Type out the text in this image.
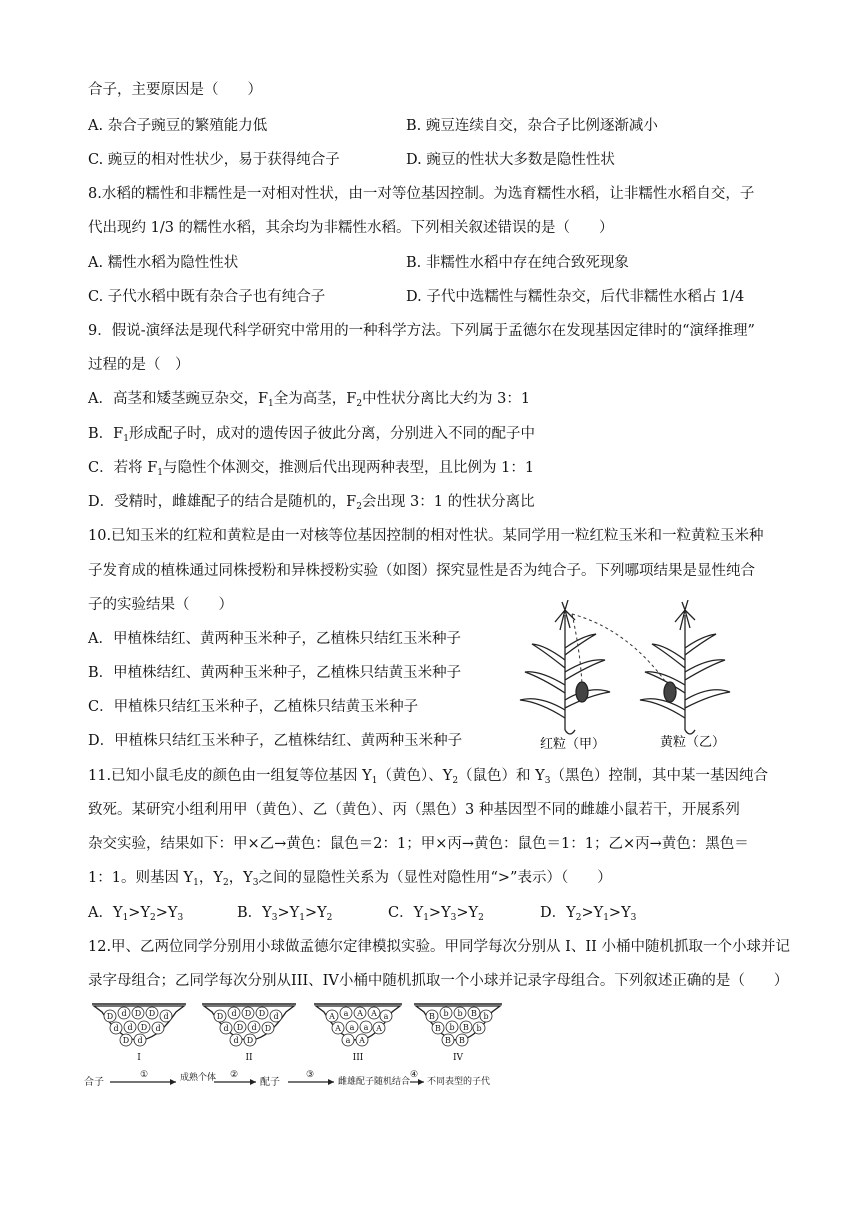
合子，主要原因是（　　）
A. 杂合子豌豆的繁殖能力低	B. 豌豆连续自交，杂合子比例逐渐减小
C. 豌豆的相对性状少，易于获得纯合子	D. 豌豆的性状大多数是隐性性状
8.水稻的糯性和非糯性是一对相对性状，由一对等位基因控制。为选育糯性水稻，让非糯性水稻自交，子
代出现约 1/3 的糯性水稻，其余均为非糯性水稻。下列相关叙述错误的是（　　）
A. 糯性水稻为隐性性状	B. 非糯性水稻中存在纯合致死现象
C. 子代水稻中既有杂合子也有纯合子	D. 子代中选糯性与糯性杂交，后代非糯性水稻占 1/4
9．假说-演绎法是现代科学研究中常用的一种科学方法。下列属于孟德尔在发现基因定律时的“演绎推理”
过程的是（　）
A．高茎和矮茎豌豆杂交，$F_1$全为高茎，$F_2$中性状分离比大约为 3：1
B．$F_1$形成配子时，成对的遗传因子彼此分离，分别进入不同的配子中
C．若将 $F_1$与隐性个体测交，推测后代出现两种表型，且比例为 1：1
D．受精时，雌雄配子的结合是随机的，$F_2$会出现 3：1 的性状分离比
10.已知玉米的红粒和黄粒是由一对核等位基因控制的相对性状。某同学用一粒红粒玉米和一粒黄粒玉米种
子发育成的植株通过同株授粉和异株授粉实验（如图）探究显性是否为纯合子。下列哪项结果是显性纯合
子的实验结果（　　）
A．甲植株结红、黄两种玉米种子，乙植株只结红玉米种子
B．甲植株结红、黄两种玉米种子，乙植株只结黄玉米种子
C．甲植株只结红玉米种子，乙植株只结黄玉米种子
D．甲植株只结红玉米种子，乙植株结红、黄两种玉米种子	红粒（甲）	黄粒（乙）
11.已知小鼠毛皮的颜色由一组复等位基因 $Y_1$（黄色）、$Y_2$（鼠色）和 $Y_3$（黑色）控制，其中某一基因纯合
致死。某研究小组利用甲（黄色）、乙（黄色）、丙（黑色）3 种基因型不同的雌雄小鼠若干，开展系列
杂交实验，结果如下：甲×乙→黄色：鼠色＝2：1；甲×丙→黄色：鼠色＝1：1；乙×丙→黄色：黑色＝
1：1。则基因 $Y_1$，$Y_2$，$Y_3$之间的显隐性关系为（显性对隐性用“>”表示）（　　）
A．$Y_1>Y_2>Y_3$	B．$Y_3>Y_1>Y_2$	C．$Y_1>Y_3>Y_2$	D．$Y_2>Y_1>Y_3$
12.甲、乙两位同学分别用小球做孟德尔定律模拟实验。甲同学每次分别从 I、II 小桶中随机抓取一个小球并记
录字母组合；乙同学每次分别从III、IV小桶中随机抓取一个小球并记录字母组合。下列叙述正确的是（　　）
D d D D d
d d D d
D d
I
D d D D d
d D d D
d D
II
A a A A a
A a a A
a A
III
B b b B b
B b B b
B B
IV
合子
①	成熟个体 ②
配子
③
雌雄配子随机结合
④
不同表型的子代
